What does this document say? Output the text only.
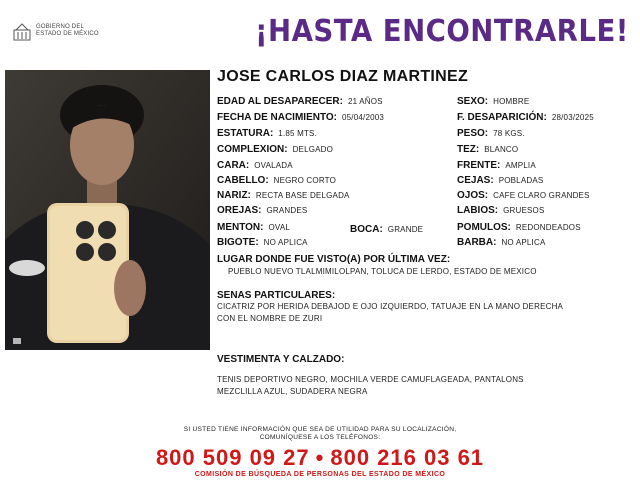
GOBIERNO DEL
ESTADO DE MÉXICO	¡HASTA ENCONTRARLE!
JOSE CARLOS DIAZ MARTINEZ
EDAD AL DESAPARECER: 21 AÑOS
FECHA DE NACIMIENTO: 05/04/2003
ESTATURA: 1.85 MTS.
COMPLEXION: DELGADO
CARA: OVALADA
CABELLO: NEGRO CORTO
NARIZ: RECTA BASE DELGADA
OREJAS: GRANDES
MENTON: OVAL	BOCA: GRANDE
BIGOTE: NO APLICA
SEXO: HOMBRE
F. DESAPARICIÓN: 28/03/2025
PESO: 78 KGS.
TEZ: BLANCO
FRENTE: AMPLIA
CEJAS: POBLADAS
OJOS: CAFE CLARO GRANDES
LABIOS: GRUESOS
POMULOS: REDONDEADOS
BARBA: NO APLICA
LUGAR DONDE FUE VISTO(A) POR ÚLTIMA VEZ:
PUEBLO NUEVO TLALMIMILOLPAN, TOLUCA DE LERDO, ESTADO DE MEXICO
SENAS PARTICULARES:
CICATRIZ POR HERIDA DEBAJOD E OJO IZQUIERDO, TATUAJE EN LA MANO DERECHA
CON EL NOMBRE DE ZURI
VESTIMENTA Y CALZADO:
TENIS DEPORTIVO NEGRO, MOCHILA VERDE CAMUFLAGEADA, PANTALONS
MEZCLILLA AZUL, SUDADERA NEGRA
SI USTED TIENE INFORMACIÓN QUE SEA DE UTILIDAD PARA SU LOCALIZACIÓN,
COMUNÍQUESE A LOS TELÉFONOS:
800 509 09 27 • 800 216 03 61
COMISIÓN DE BÚSQUEDA DE PERSONAS DEL ESTADO DE MÉXICO
